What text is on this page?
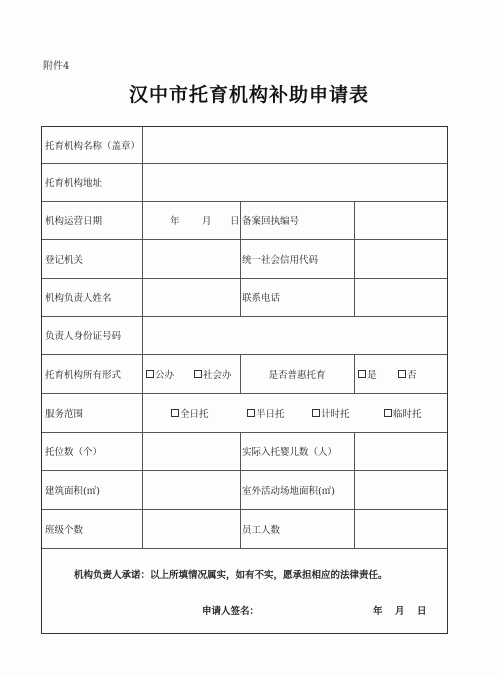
附件4
汉中市托育机构补助申请表
托育机构名称（盖章）
托育机构地址
机构运营日期	年 月 日 备案回执编号
登记机关	统一社会信用代码
机构负责人姓名	联系电话
负责人身份证号码
托育机构所有形式	公办	社会办	是否普惠托育	是	否
服务范围	全日托	半日托	计时托	临时托
托位数（个）	实际入托婴儿数（人）
建筑面积(㎡)	室外活动场地面积(㎡)
班级个数	员工人数
机构负责人承诺：以上所填情况属实，如有不实，愿承担相应的法律责任。
申请人签名：	年 月 日
